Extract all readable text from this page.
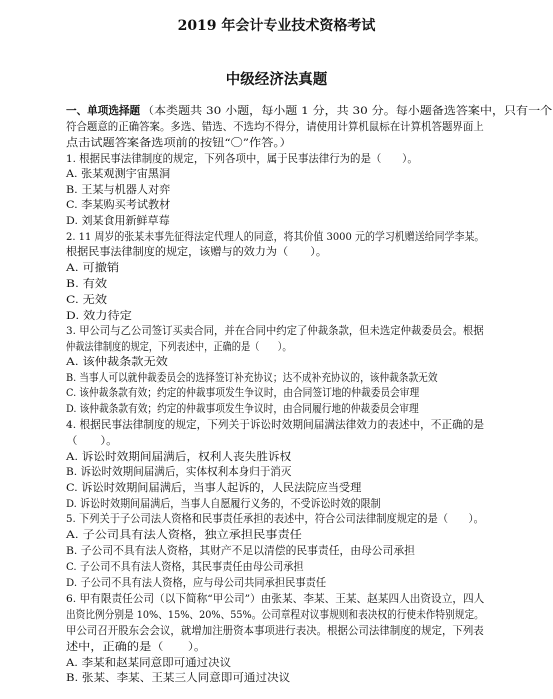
2019 年会计专业技术资格考试
中级经济法真题
一、单项选择题 （本类题共 30 小题，每小题 1 分，共 30 分。每小题备选答案中，只有一个
符合题意的正确答案。多选、错选、不选均不得分，请使用计算机鼠标在计算机答题界面上
点击试题答案备选项前的按钮“〇”作答。）
1. 根据民事法律制度的规定，下列各项中，属于民事法律行为的是（　　）。
A. 张某观测宇宙黑洞
B. 王某与机器人对弈
C. 李某购买考试教材
D. 刘某食用新鲜草莓
2. 11 周岁的张某未事先征得法定代理人的同意，将其价值 3000 元的学习机赠送给同学李某。
根据民事法律制度的规定，该赠与的效力为（　　）。
A. 可撤销
B. 有效
C. 无效
D. 效力待定
3. 甲公司与乙公司签订买卖合同，并在合同中约定了仲裁条款，但未选定仲裁委员会。根据
仲裁法律制度的规定，下列表述中，正确的是（　　）。
A. 该仲裁条款无效
B. 当事人可以就仲裁委员会的选择签订补充协议；达不成补充协议的，该仲裁条款无效
C. 该仲裁条款有效；约定的仲裁事项发生争议时，由合同签订地的仲裁委员会审理
D. 该仲裁条款有效；约定的仲裁事项发生争议时，由合同履行地的仲裁委员会审理
4. 根据民事法律制度的规定，下列关于诉讼时效期间届满法律效力的表述中，不正确的是
（　　）。
A. 诉讼时效期间届满后，权利人丧失胜诉权
B. 诉讼时效期间届满后，实体权利本身归于消灭
C. 诉讼时效期间届满后，当事人起诉的，人民法院应当受理
D. 诉讼时效期间届满后，当事人自愿履行义务的，不受诉讼时效的限制
5. 下列关于子公司法人资格和民事责任承担的表述中，符合公司法律制度规定的是（　　）。
A. 子公司具有法人资格，独立承担民事责任
B. 子公司不具有法人资格，其财产不足以清偿的民事责任，由母公司承担
C. 子公司不具有法人资格，其民事责任由母公司承担
D. 子公司不具有法人资格，应与母公司共同承担民事责任
6. 甲有限责任公司（以下简称“甲公司”）由张某、李某、王某、赵某四人出资设立，四人
出资比例分别是 10%、15%、20%、55%。公司章程对议事规则和表决权的行使未作特别规定。
甲公司召开股东会会议，就增加注册资本事项进行表决。根据公司法律制度的规定，下列表
述中，正确的是（　　）。
A. 李某和赵某同意即可通过决议
B. 张某、李某、王某三人同意即可通过决议
